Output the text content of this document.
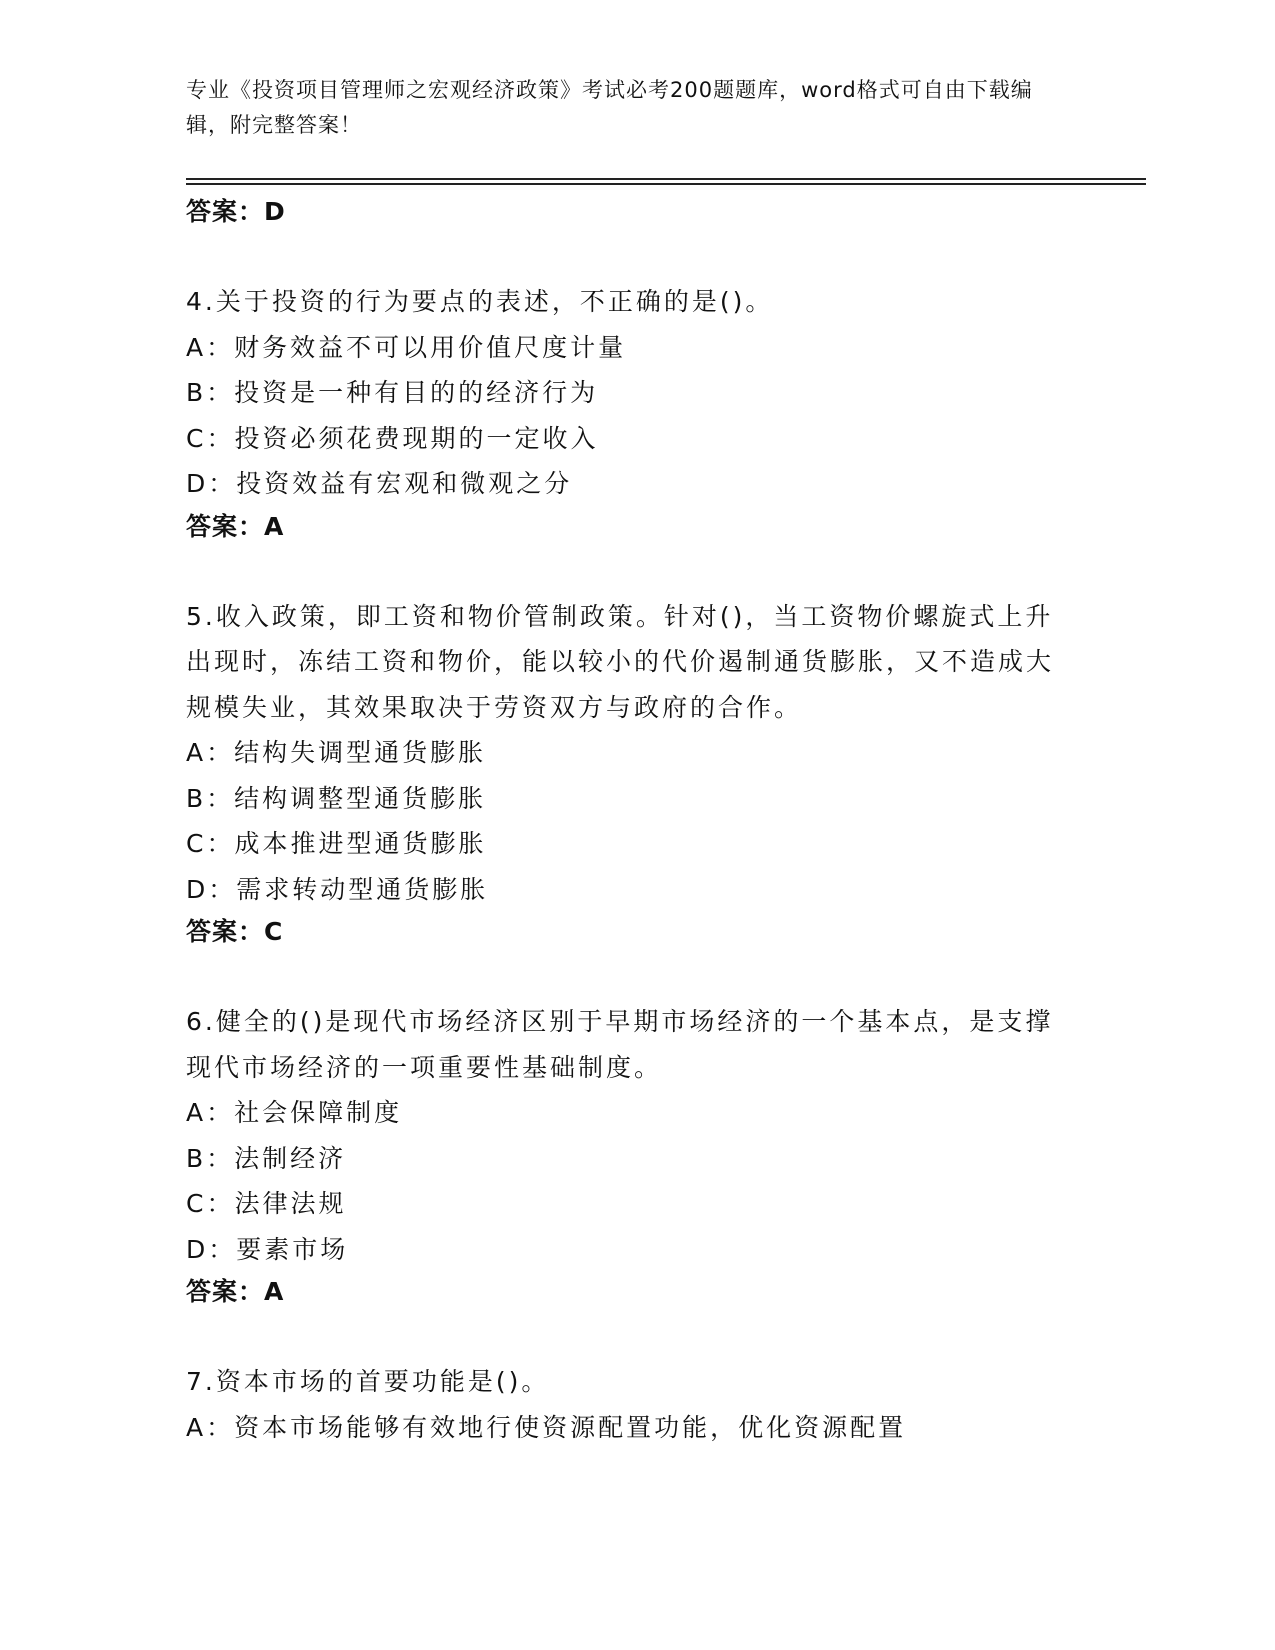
专业《投资项目管理师之宏观经济政策》考试必考200题题库，word格式可自由下载编辑，附完整答案！
答案：D

4.关于投资的行为要点的表述，不正确的是()。

A：财务效益不可以用价值尺度计量

B：投资是一种有目的的经济行为

C：投资必须花费现期的一定收入

D：投资效益有宏观和微观之分

答案：A

5.收入政策，即工资和物价管制政策。针对()，当工资物价螺旋式上升出现时，冻结工资和物价，能以较小的代价遏制通货膨胀，又不造成大规模失业，其效果取决于劳资双方与政府的合作。

A：结构失调型通货膨胀

B：结构调整型通货膨胀

C：成本推进型通货膨胀

D：需求转动型通货膨胀

答案：C

6.健全的()是现代市场经济区别于早期市场经济的一个基本点，是支撑现代市场经济的一项重要性基础制度。

A：社会保障制度

B：法制经济

C：法律法规

D：要素市场

答案：A

7.资本市场的首要功能是()。

A：资本市场能够有效地行使资源配置功能，优化资源配置
